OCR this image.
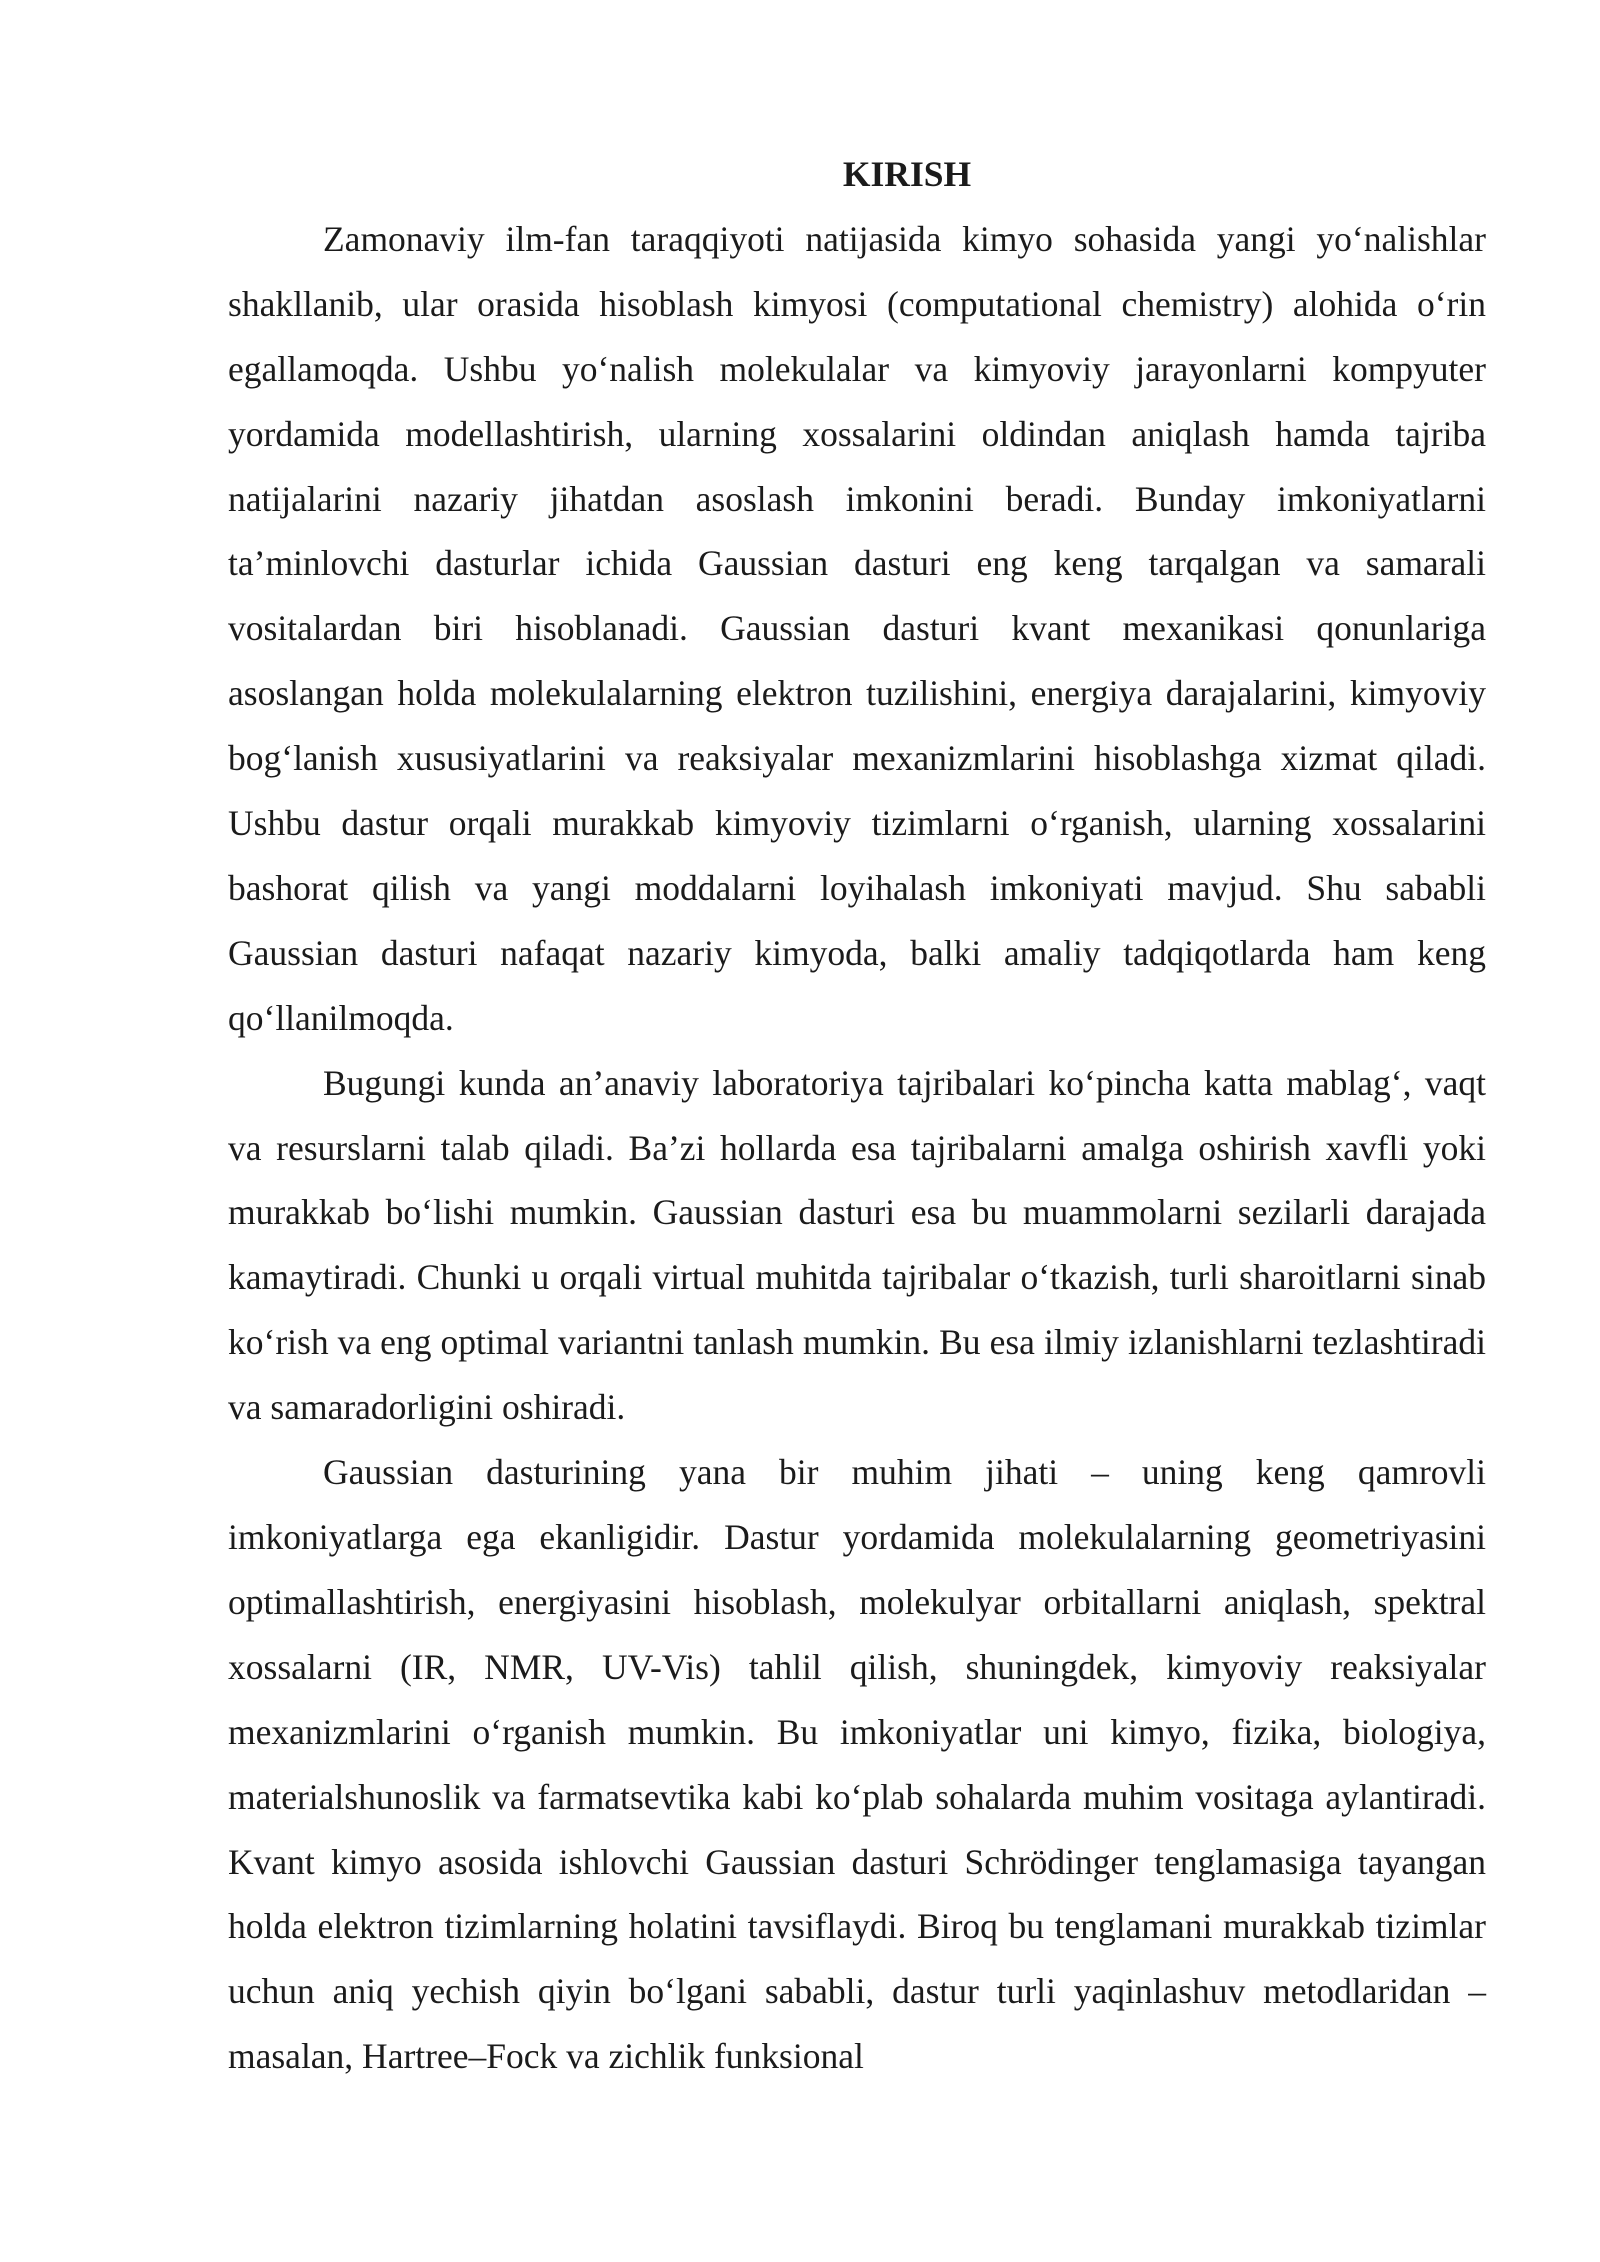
KIRISH

Zamonaviy ilm-fan taraqqiyoti natijasida kimyo sohasida yangi yo‘nalishlar shakllanib, ular orasida hisoblash kimyosi (computational chemistry) alohida o‘rin egallamoqda. Ushbu yo‘nalish molekulalar va kimyoviy jarayonlarni kompyuter yordamida modellashtirish, ularning xossalarini oldindan aniqlash hamda tajriba natijalarini nazariy jihatdan asoslash imkonini beradi. Bunday imkoniyatlarni ta’minlovchi dasturlar ichida Gaussian dasturi eng keng tarqalgan va samarali vositalardan biri hisoblanadi. Gaussian dasturi kvant mexanikasi qonunlariga asoslangan holda molekulalarning elektron tuzilishini, energiya darajalarini, kimyoviy bog‘lanish xususiyatlarini va reaksiyalar mexanizmlarini hisoblashga xizmat qiladi. Ushbu dastur orqali murakkab kimyoviy tizimlarni o‘rganish, ularning xossalarini bashorat qilish va yangi moddalarni loyihalash imkoniyati mavjud. Shu sababli Gaussian dasturi nafaqat nazariy kimyoda, balki amaliy tadqiqotlarda ham keng qo‘llanilmoqda.

Bugungi kunda an’anaviy laboratoriya tajribalari ko‘pincha katta mablag‘, vaqt va resurslarni talab qiladi. Ba’zi hollarda esa tajribalarni amalga oshirish xavfli yoki murakkab bo‘lishi mumkin. Gaussian dasturi esa bu muammolarni sezilarli darajada kamaytiradi. Chunki u orqali virtual muhitda tajribalar o‘tkazish, turli sharoitlarni sinab ko‘rish va eng optimal variantni tanlash mumkin. Bu esa ilmiy izlanishlarni tezlashtiradi va samaradorligini oshiradi.

Gaussian dasturining yana bir muhim jihati – uning keng qamrovli imkoniyatlarga ega ekanligidir. Dastur yordamida molekulalarning geometriyasini optimallashtirish, energiyasini hisoblash, molekulyar orbitallarni aniqlash, spektral xossalarni (IR, NMR, UV-Vis) tahlil qilish, shuningdek, kimyoviy reaksiyalar mexanizmlarini o‘rganish mumkin. Bu imkoniyatlar uni kimyo, fizika, biologiya, materialshunoslik va farmatsevtika kabi ko‘plab sohalarda muhim vositaga aylantiradi. Kvant kimyo asosida ishlovchi Gaussian dasturi Schrödinger tenglamasiga tayangan holda elektron tizimlarning holatini tavsiflaydi. Biroq bu tenglamani murakkab tizimlar uchun aniq yechish qiyin bo‘lgani sababli, dastur turli yaqinlashuv metodlaridan – masalan, Hartree–Fock va zichlik funksional
